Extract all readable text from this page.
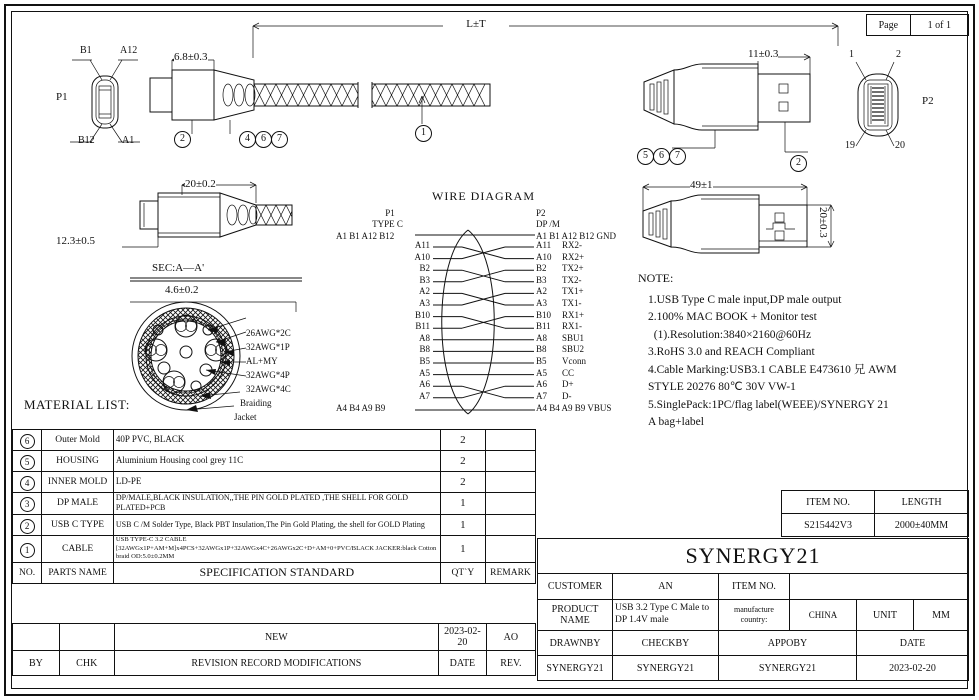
Page	1 of 1
L±T
P1
B1	A12
B12	A1
6.8±0.3
2	4	6	7
1
11±0.3
5	6	7
2
1	2
19	20
P2
20±0.2
12.3±0.5
49±1
20±0.3
SEC:A—A'
4.6±0.2
26AWG*2C
32AWG*1P
AL+MY
32AWG*4P
32AWG*4C
Braiding
Jacket
WIRE DIAGRAM
P1
TYPE C
P2
DP /M
A1 B1 A12 B12	A1 B1 A12 B12 GND
A4 B4 A9 B9	A4 B4 A9 B9 VBUS
A11	A11 RX2-
A10	A10 RX2+
B2	B2 TX2+
B3	B3 TX2-
A2	A2 TX1+
A3	A3 TX1-
B10	B10 RX1+
B11	B11 RX1-
A8	A8 SBU1
B8	B8 SBU2
B5	B5 Vconn
A5	A5 CC
A6	A6 D+
A7	A7 D-
NOTE:
1.USB Type C male input,DP male output
2.100% MAC BOOK + Monitor test
(1).Resolution:3840×2160@60Hz
3.RoHS 3.0 and REACH Compliant
4.Cable Marking:USB3.1 CABLE E473610 兄 AWM
STYLE 20276 80℃ 30V VW-1
5.SinglePack:1PC/flag label(WEEE)/SYNERGY 21
A bag+label
MATERIAL LIST:
6	Outer Mold	40P PVC, BLACK	2	
5	HOUSING	Aluminium Housing cool grey 11C	2	
4	INNER MOLD	LD-PE	2	
3	DP MALE	DP/MALE,BLACK INSULATION,,THE PIN GOLD PLATED ,THE SHELL FOR GOLD PLATED+PCB	1	
2	USB C TYPE	USB C /M Solder Type, Black PBT Insulation,The Pin Gold Plating, the shell for GOLD Plating	1	
1	CABLE	USB TYPE-C 3.2 CABLE [32AWGx1P+AM+M]x4PCS+32AWGx1P+32AWGx4C+26AWGx2C+D+AM+0+PVC/BLACK JACKER:black Cotton braid OD:5.0±0.2MM	1	
NO.	PARTS NAME	SPECIFICATION STANDARD	QT`Y	REMARK
		NEW	2023-02-20	AO
BY	CHK	REVISION RECORD MODIFICATIONS	DATE	REV.
ITEM NO.	LENGTH
S215442V3	2000±40MM
SYNERGY21					
CUSTOMER	AN	ITEM NO.			
PRODUCT NAME	USB 3.2 Type C Male to DP 1.4V male	manufacture country:	CHINA	UNIT	MM
DRAWNBY	CHECKBY	APPOBY		DATE	
SYNERGY21	SYNERGY21	SYNERGY21		2023-02-20	
